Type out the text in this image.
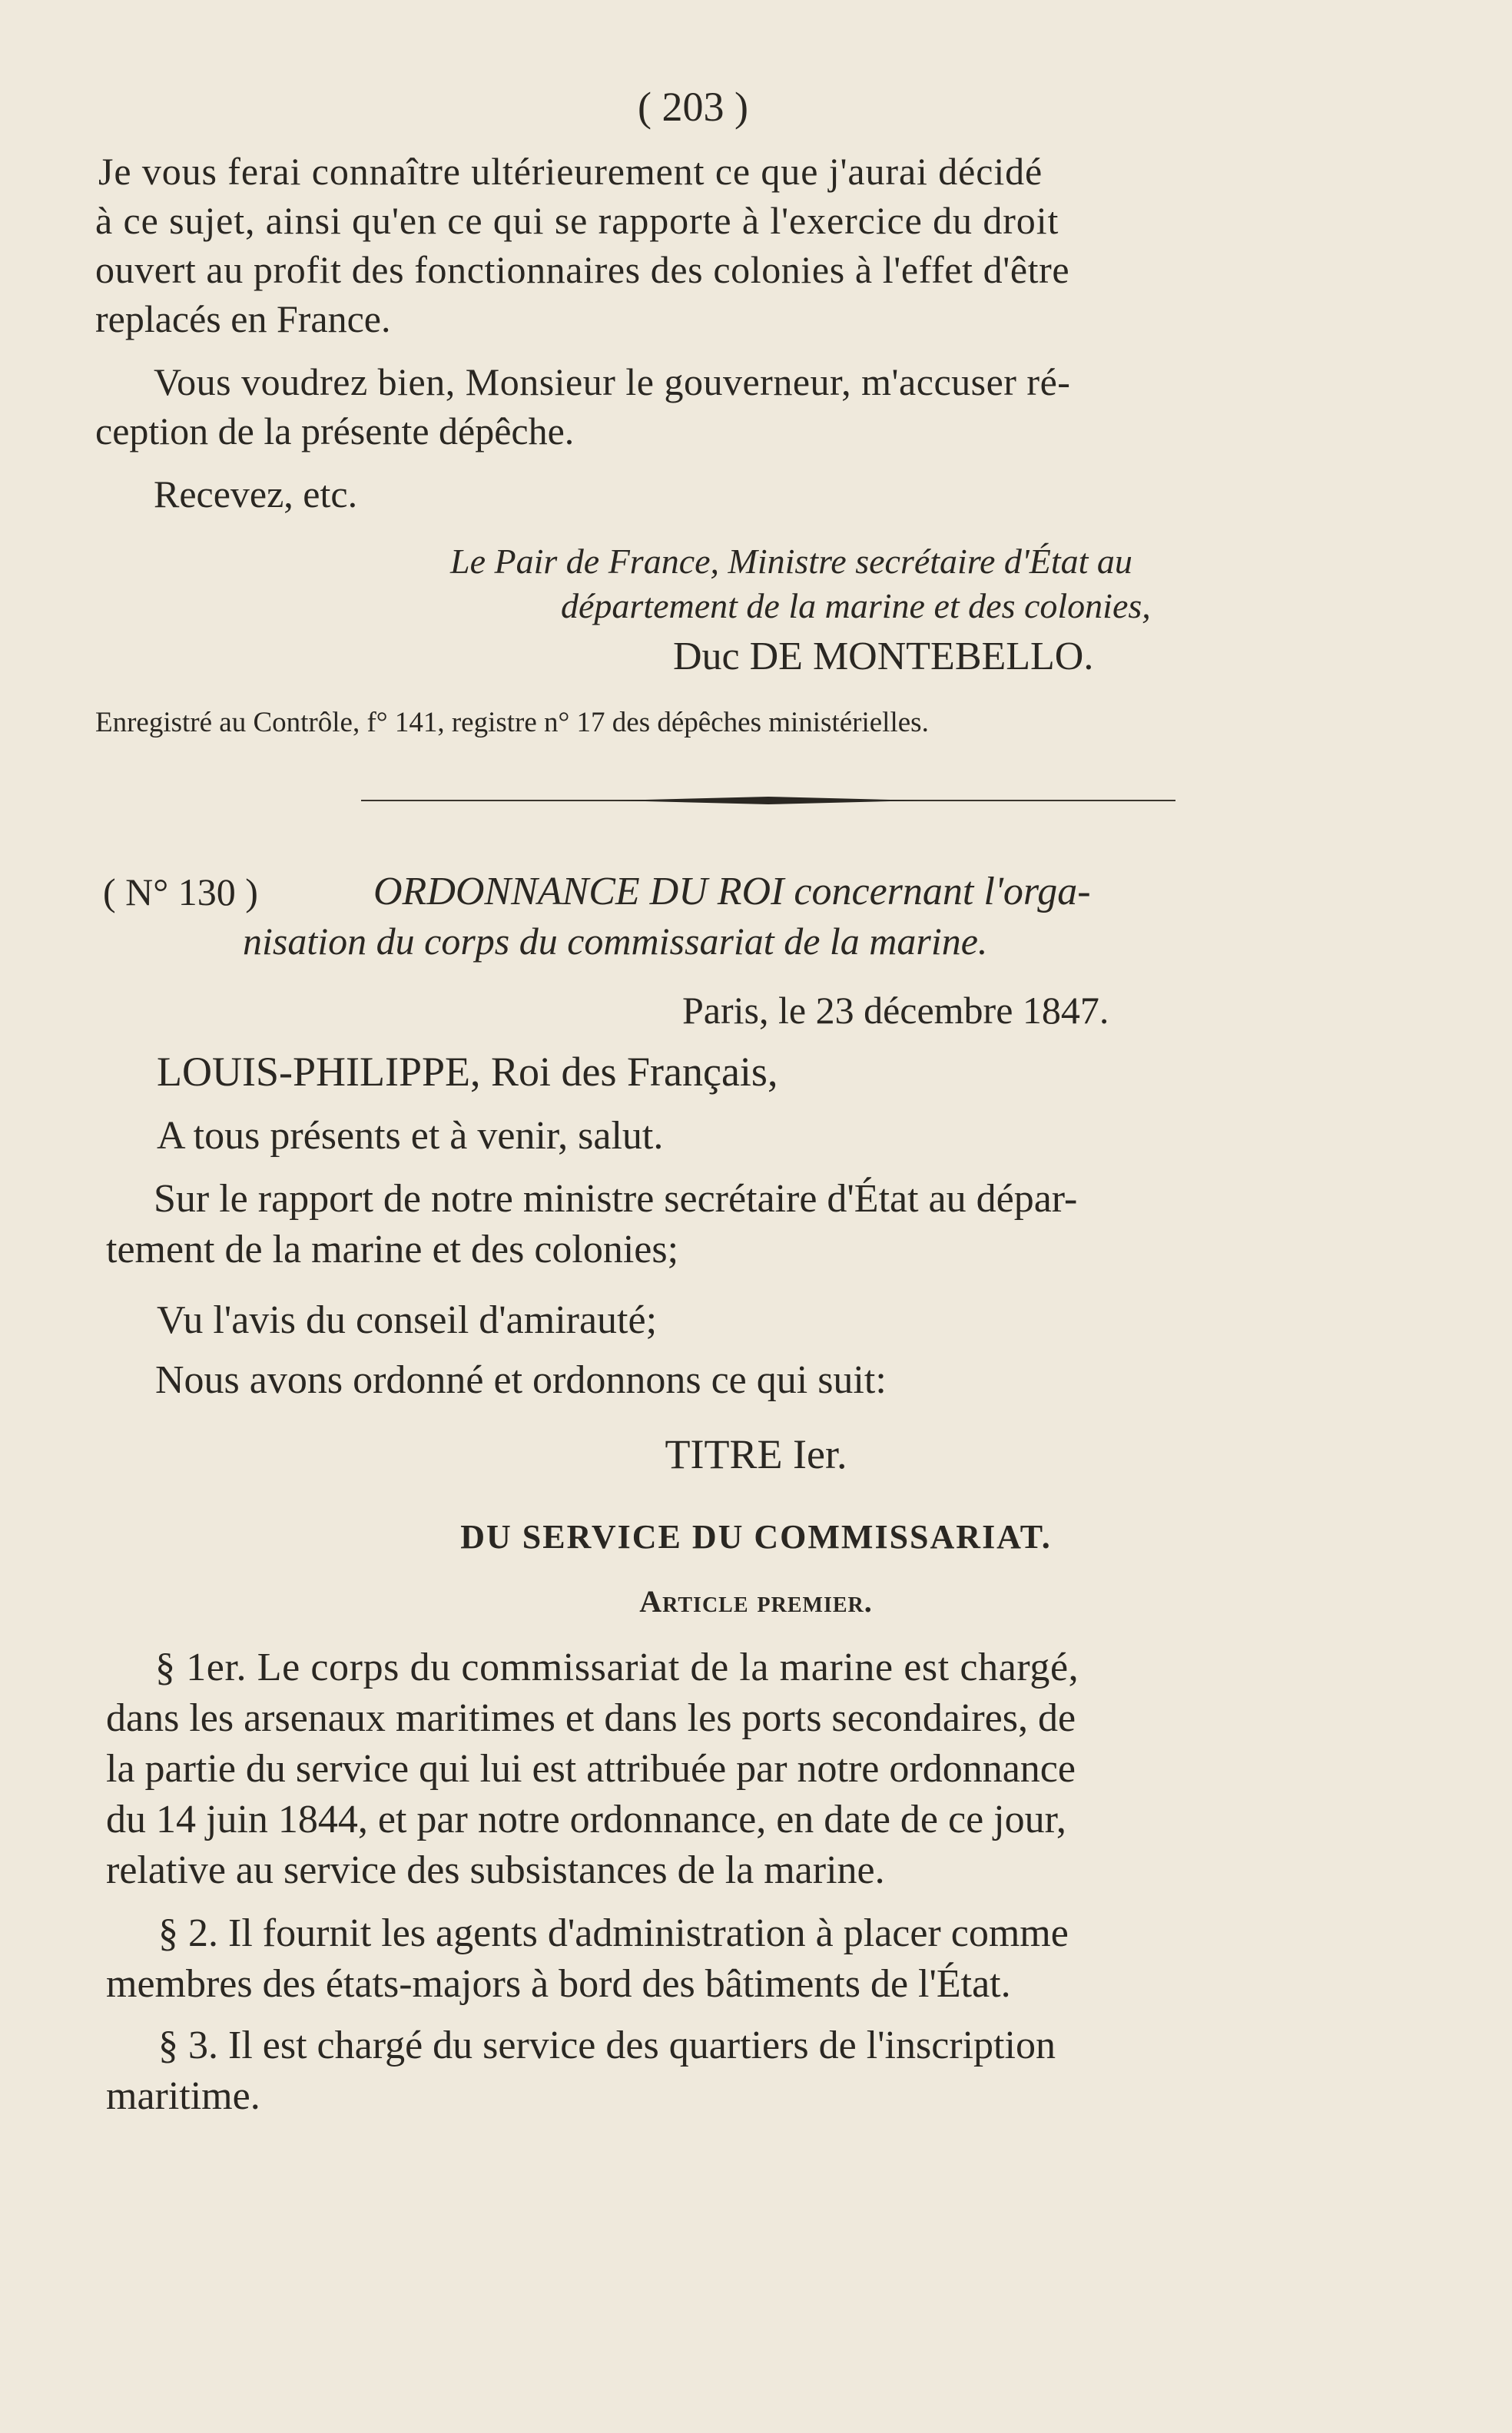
( 203 )
Je vous ferai connaître ultérieurement ce que j'aurai décidé
à ce sujet, ainsi qu'en ce qui se rapporte à l'exercice du droit
ouvert au profit des fonctionnaires des colonies à l'effet d'être
replacés en France.
Vous voudrez bien, Monsieur le gouverneur, m'accuser ré-
ception de la présente dépêche.
Recevez, etc.
Le Pair de France, Ministre secrétaire d'État au
département de la marine et des colonies,
Duc DE MONTEBELLO.
Enregistré au Contrôle, f° 141, registre n° 17 des dépêches ministérielles.
( N° 130 )	ORDONNANCE DU ROI concernant l'orga-
nisation du corps du commissariat de la marine.
Paris, le 23 décembre 1847.
LOUIS-PHILIPPE, Roi des Français,
A tous présents et à venir, salut.
Sur le rapport de notre ministre secrétaire d'État au dépar-
tement de la marine et des colonies;
Vu l'avis du conseil d'amirauté;
Nous avons ordonné et ordonnons ce qui suit:
TITRE Ier.
DU SERVICE DU COMMISSARIAT.
Article premier.
§ 1er. Le corps du commissariat de la marine est chargé,
dans les arsenaux maritimes et dans les ports secondaires, de
la partie du service qui lui est attribuée par notre ordonnance
du 14 juin 1844, et par notre ordonnance, en date de ce jour,
relative au service des subsistances de la marine.
§ 2. Il fournit les agents d'administration à placer comme
membres des états-majors à bord des bâtiments de l'État.
§ 3. Il est chargé du service des quartiers de l'inscription
maritime.
